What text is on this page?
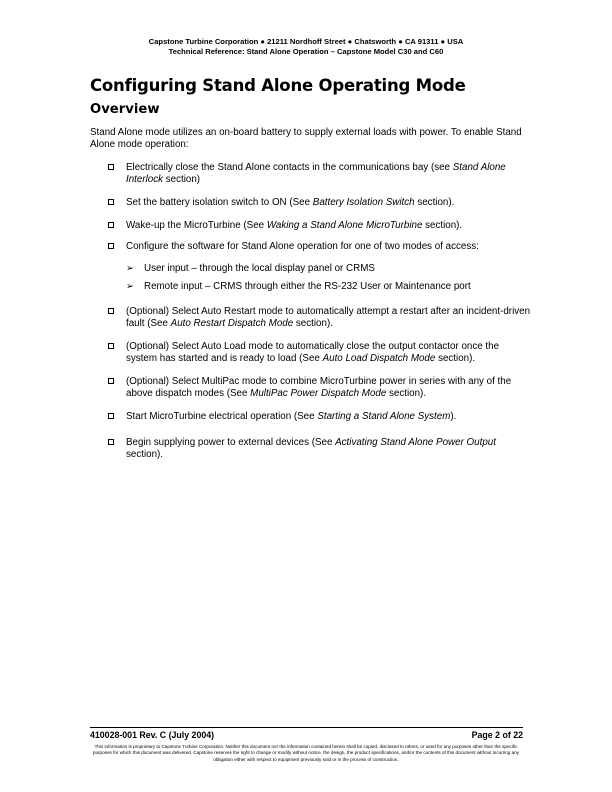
Capstone Turbine Corporation ● 21211 Nordhoff Street ● Chatsworth ● CA 91311 ● USA
Technical Reference: Stand Alone Operation – Capstone Model C30 and C60
Configuring Stand Alone Operating Mode
Overview

Stand Alone mode utilizes an on-board battery to supply external loads with power. To enable Stand Alone mode operation:

Electrically close the Stand Alone contacts in the communications bay (see Stand Alone Interlock section)
Set the battery isolation switch to ON (See Battery Isolation Switch section).
Wake-up the MicroTurbine (See Waking a Stand Alone MicroTurbine section).
Configure the software for Stand Alone operation for one of two modes of access:
➢ User input – through the local display panel or CRMS
➢ Remote input – CRMS through either the RS-232 User or Maintenance port
(Optional) Select Auto Restart mode to automatically attempt a restart after an incident-driven fault (See Auto Restart Dispatch Mode section).
(Optional) Select Auto Load mode to automatically close the output contactor once the system has started and is ready to load (See Auto Load Dispatch Mode section).
(Optional) Select MultiPac mode to combine MicroTurbine power in series with any of the above dispatch modes (See MultiPac Power Dispatch Mode section).
Start MicroTurbine electrical operation (See Starting a Stand Alone System).
Begin supplying power to external devices (See Activating Stand Alone Power Output section).
410028-001 Rev. C (July 2004)	Page 2 of 22
This information is proprietary to Capstone Turbine Corporation. Neither this document nor the information contained herein shall be copied, disclosed to others, or used for any purposes other than the specific purposes for which this document was delivered. Capstone reserves the right to change or modify without notice, the design, the product specifications, and/or the contents of this document without incurring any obligation either with respect to equipment previously sold or in the process of construction.
